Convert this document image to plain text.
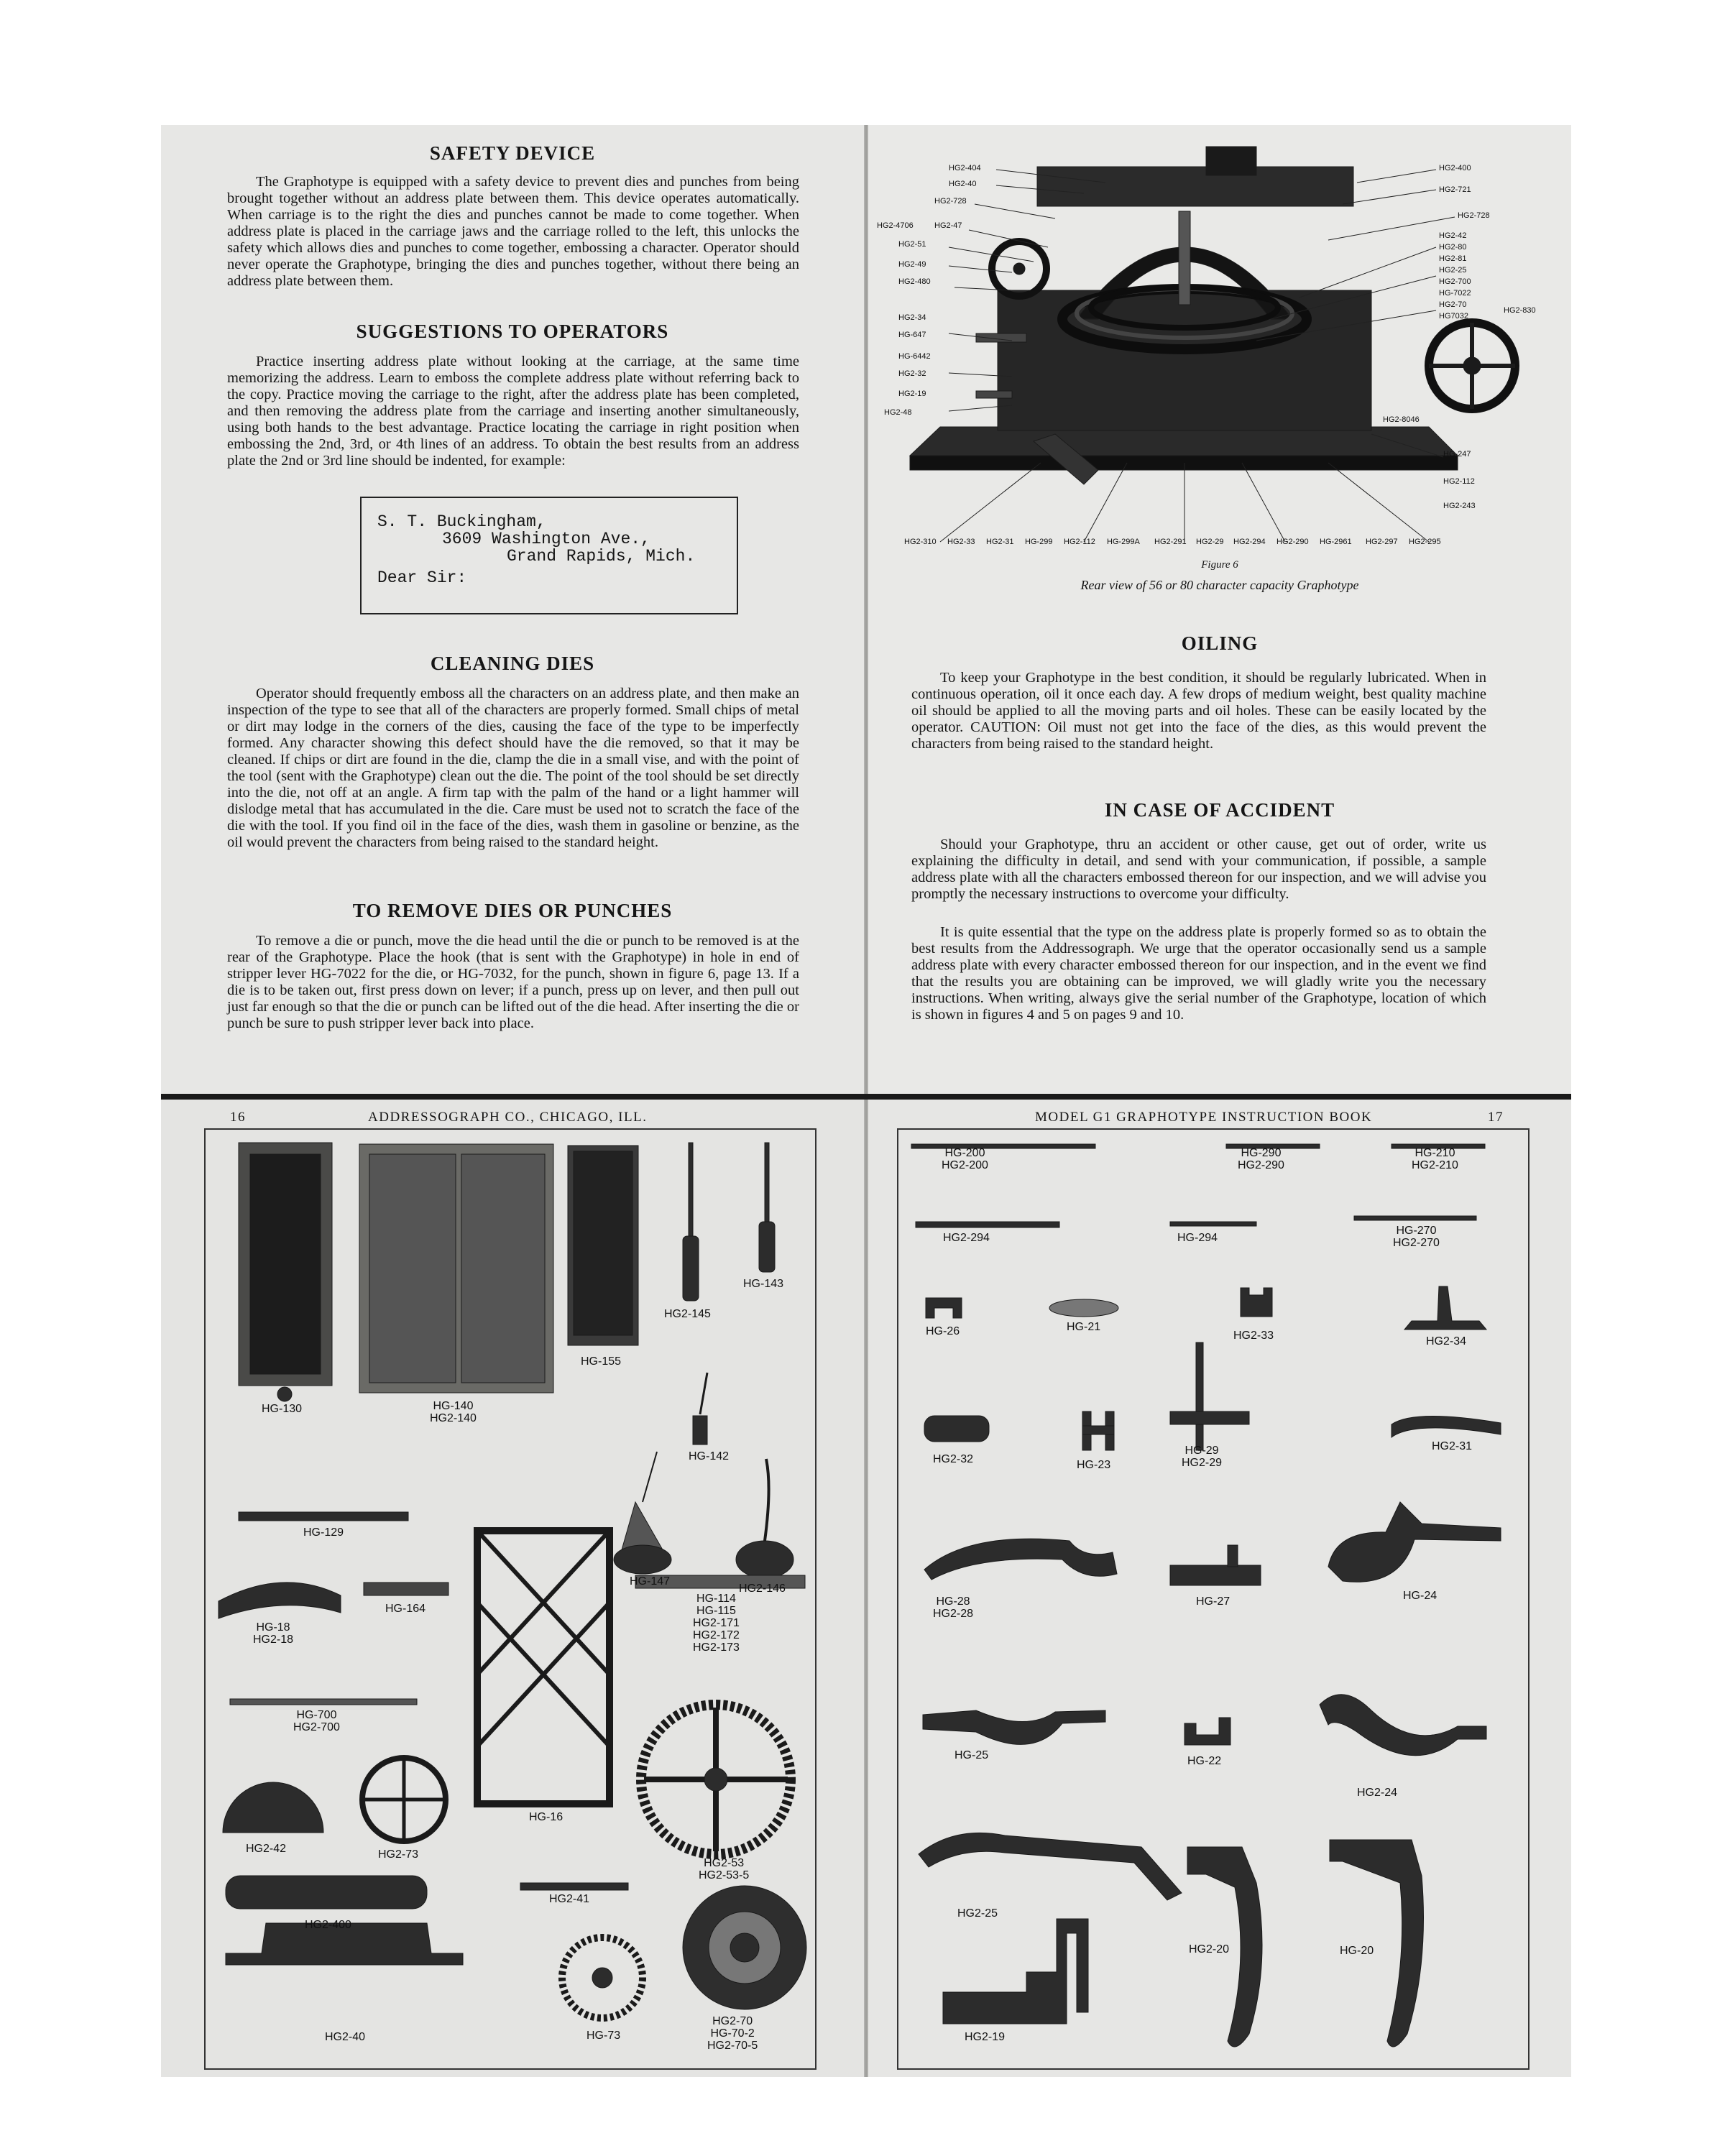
SAFETY DEVICE

The Graphotype is equipped with a safety device to prevent dies and punches from being brought together without an address plate between them. This device operates automatically. When carriage is to the right the dies and punches cannot be made to come together. When address plate is placed in the carriage jaws and the carriage rolled to the left, this unlocks the safety which allows dies and punches to come together, embossing a character. Operator should never operate the Graphotype, bringing the dies and punches together, without there being an address plate between them.

SUGGESTIONS TO OPERATORS

Practice inserting address plate without looking at the carriage, at the same time memorizing the address. Learn to emboss the complete address plate without referring back to the copy. Practice moving the carriage to the right, after the address plate has been completed, and then removing the address plate from the carriage and inserting another simultaneously, using both hands to the best advantage. Practice locating the carriage in right position when embossing the 2nd, 3rd, or 4th lines of an address. To obtain the best results from an address plate the 2nd or 3rd line should be indented, for example:

S. T. Buckingham,
3609 Washington Ave.,
Grand Rapids, Mich.
Dear Sir:
CLEANING DIES

Operator should frequently emboss all the characters on an address plate, and then make an inspection of the type to see that all of the characters are properly formed. Small chips of metal or dirt may lodge in the corners of the dies, causing the face of the type to be imperfectly formed. Any character showing this defect should have the die removed, so that it may be cleaned. If chips or dirt are found in the die, clamp the die in a small vise, and with the point of the tool (sent with the Graphotype) clean out the die. The point of the tool should be set directly into the die, not off at an angle. A firm tap with the palm of the hand or a light hammer will dislodge metal that has accumulated in the die. Care must be used not to scratch the face of the die with the tool. If you find oil in the face of the dies, wash them in gasoline or benzine, as the oil would prevent the characters from being raised to the standard height.

TO REMOVE DIES OR PUNCHES

To remove a die or punch, move the die head until the die or punch to be removed is at the rear of the Graphotype. Place the hook (that is sent with the Graphotype) in hole in end of stripper lever HG-7022 for the die, or HG-7032, for the punch, shown in figure 6, page 13. If a die is to be taken out, first press down on lever; if a punch, press up on lever, and then pull out just far enough so that the die or punch can be lifted out of the die head. After inserting the die or punch be sure to push stripper lever back into place.

HG2-404
HG2-40
HG2-728
HG2-4706	HG2-47
HG2-51
HG2-49
HG2-480
HG2-34
HG-647
HG-6442
HG2-32
HG2-19
HG2-48
HG2-400
HG2-721
HG2-728
HG2-42
HG2-80
HG2-81
HG2-25
HG2-700
HG-7022
HG2-70
HG7032
HG2-830
HG2-8046
HG-247
HG2-112
HG2-243
HG2-310 HG2-33 HG2-31 HG-299 HG2-112 HG-299A HG2-291 HG2-29 HG2-294 HG2-290 HG-2961 HG2-297 HG2-295
Figure 6
Rear view of 56 or 80 character capacity Graphotype
OILING

To keep your Graphotype in the best condition, it should be regularly lubricated. When in continuous operation, oil it once each day. A few drops of medium weight, best quality machine oil should be applied to all the moving parts and oil holes. These can be easily located by the operator. CAUTION: Oil must not get into the face of the dies, as this would prevent the characters from being raised to the standard height.

IN CASE OF ACCIDENT

Should your Graphotype, thru an accident or other cause, get out of order, write us explaining the difficulty in detail, and send with your communication, if possible, a sample address plate with all the characters embossed thereon for our inspection, and we will advise you promptly the necessary instructions to overcome your difficulty.

It is quite essential that the type on the address plate is properly formed so as to obtain the best results from the Addressograph. We urge that the operator occasionally send us a sample address plate with every character embossed thereon for our inspection, and in the event we find that the results you are obtaining can be improved, we will gladly write you the necessary instructions. When writing, always give the serial number of the Graphotype, location of which is shown in figures 4 and 5 on pages 9 and 10.

16	ADDRESSOGRAPH CO., CHICAGO, ILL.
HG-130	HG-140
HG2-140
HG-155
HG2-145
HG-143
HG-142
HG-147
HG2-146
HG-129
HG-18
HG2-18
HG-164
HG-114
HG-115
HG2-171
HG2-172
HG2-173
HG-700
HG2-700
HG-16
HG2-42	HG2-73
HG2-53
HG2-53-5
HG2-400
HG2-41
HG2-40	HG-73
HG2-70
HG-70-2
HG2-70-5
MODEL G1 GRAPHOTYPE INSTRUCTION BOOK	17
HG-200
HG2-200
HG-290
HG2-290
HG-210
HG2-210
HG2-294	HG-294
HG-270
HG2-270
HG-26	HG-21
HG2-33	HG2-34
HG2-32	HG-23
HG-29
HG2-29
HG2-31
HG-28
HG2-28
HG-27	HG-24
HG-25	HG-22
HG2-24
HG2-25
HG2-20	HG-20
HG2-19
